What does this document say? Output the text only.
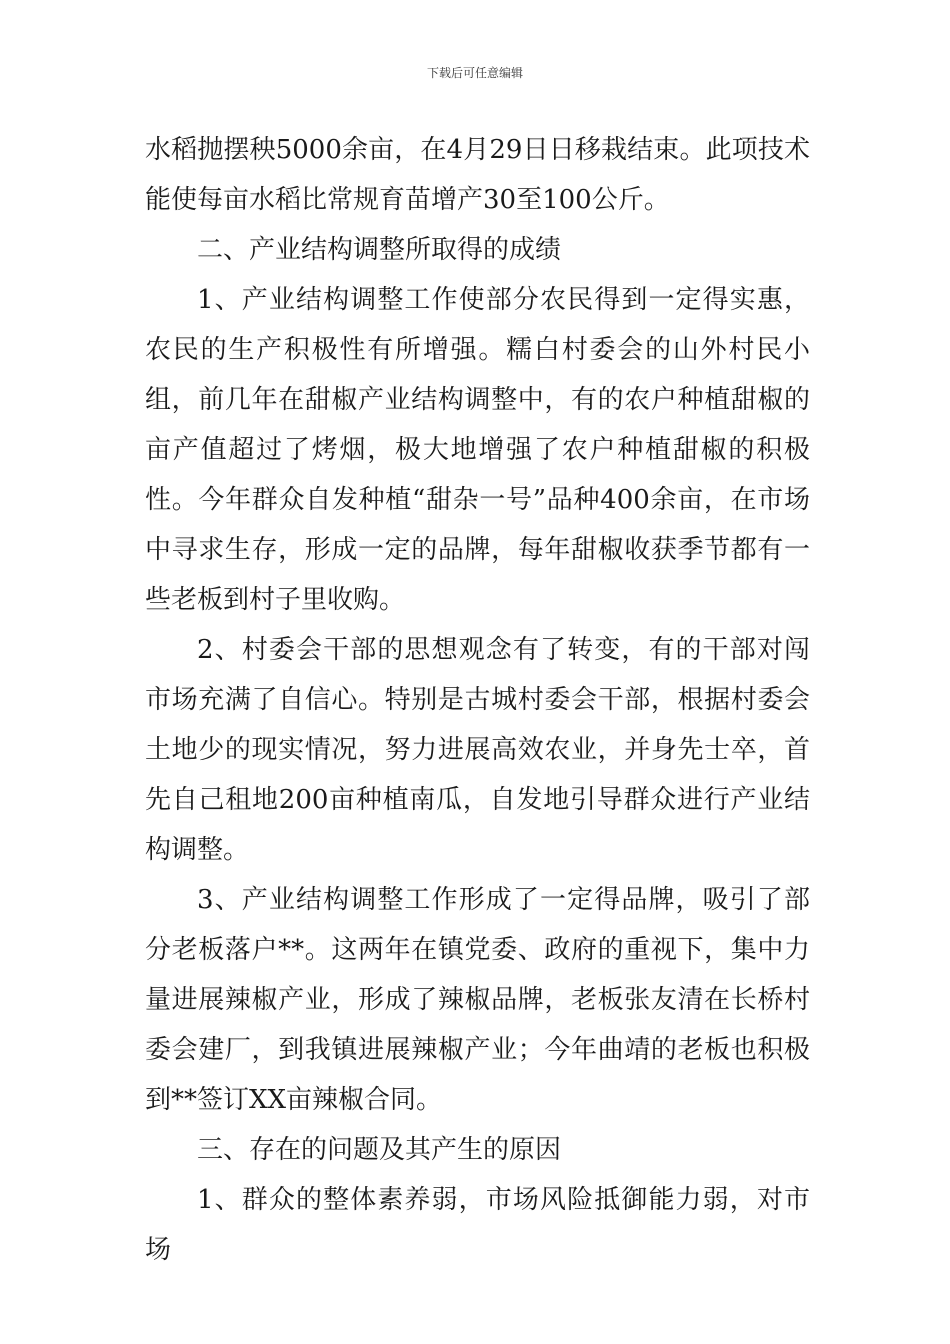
下载后可任意编辑

水稻抛摆秧5000余亩，在4月29日日移栽结束。此项技术能使每亩水稻比常规育苗增产30至100公斤。

二、产业结构调整所取得的成绩

1、产业结构调整工作使部分农民得到一定得实惠，农民的生产积极性有所增强。糯白村委会的山外村民小组，前几年在甜椒产业结构调整中，有的农户种植甜椒的亩产值超过了烤烟，极大地增强了农户种植甜椒的积极性。今年群众自发种植“甜杂一号”品种400余亩，在市场中寻求生存，形成一定的品牌，每年甜椒收获季节都有一些老板到村子里收购。

2、村委会干部的思想观念有了转变，有的干部对闯市场充满了自信心。特别是古城村委会干部，根据村委会土地少的现实情况，努力进展高效农业，并身先士卒，首先自己租地200亩种植南瓜，自发地引导群众进行产业结构调整。

3、产业结构调整工作形成了一定得品牌，吸引了部分老板落户**。这两年在镇党委、政府的重视下，集中力量进展辣椒产业，形成了辣椒品牌，老板张友清在长桥村委会建厂，到我镇进展辣椒产业；今年曲靖的老板也积极到**签订XX亩辣椒合同。

三、存在的问题及其产生的原因

1、群众的整体素养弱，市场风险抵御能力弱，对市场
